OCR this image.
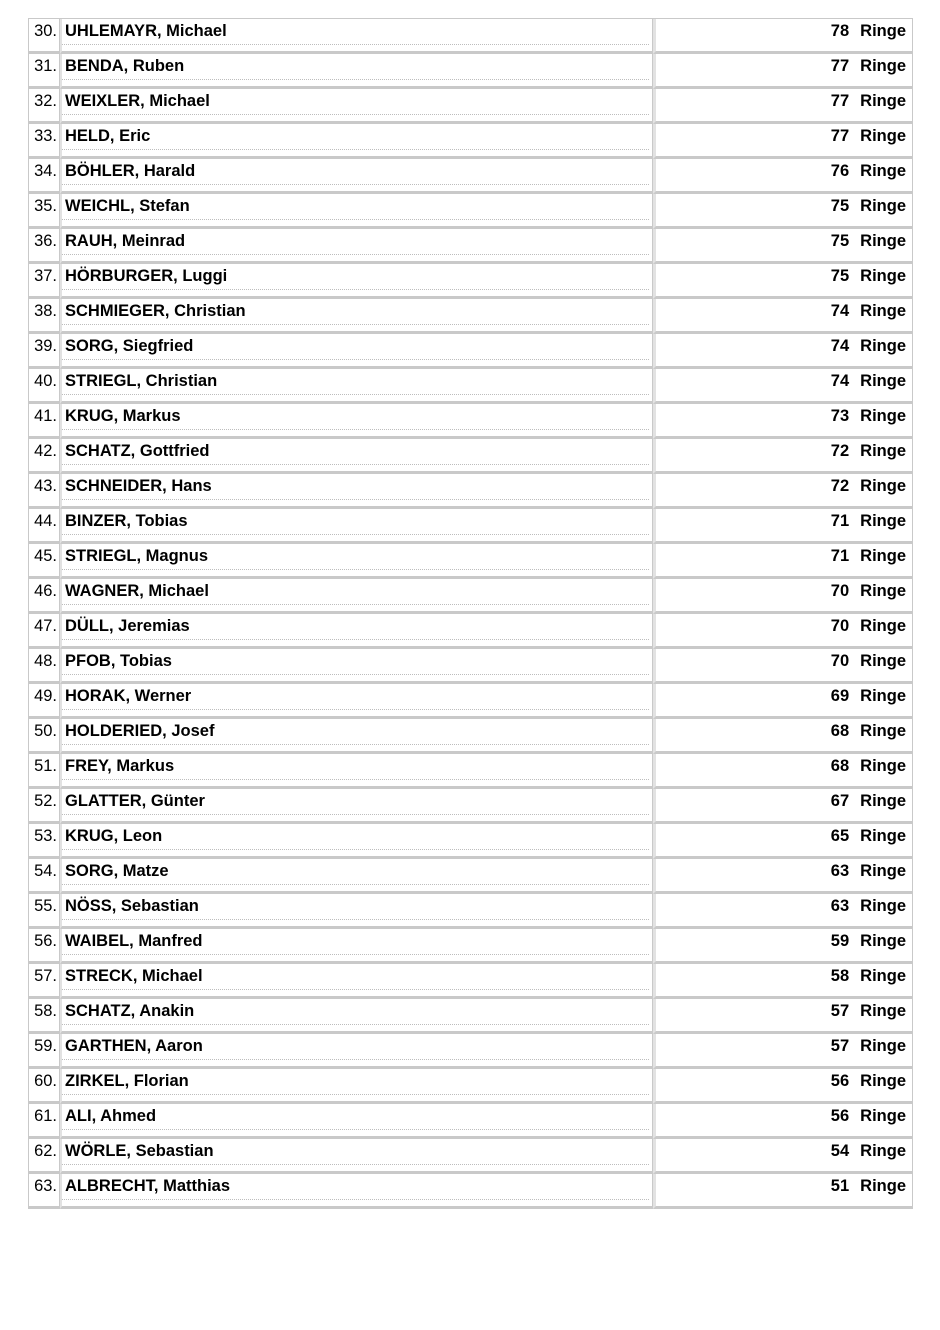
30.	UHLEMAYR, Michael	78 Ringe

31.	BENDA, Ruben	77 Ringe

32.	WEIXLER, Michael	77 Ringe

33.	HELD, Eric	77 Ringe

34.	BÖHLER, Harald	76 Ringe

35.	WEICHL, Stefan	75 Ringe

36.	RAUH, Meinrad	75 Ringe

37.	HÖRBURGER, Luggi	75 Ringe

38.	SCHMIEGER, Christian	74 Ringe

39.	SORG, Siegfried	74 Ringe

40.	STRIEGL, Christian	74 Ringe

41.	KRUG, Markus	73 Ringe

42.	SCHATZ, Gottfried	72 Ringe

43.	SCHNEIDER, Hans	72 Ringe

44.	BINZER, Tobias	71 Ringe

45.	STRIEGL, Magnus	71 Ringe

46.	WAGNER, Michael	70 Ringe

47.	DÜLL, Jeremias	70 Ringe

48.	PFOB, Tobias	70 Ringe

49.	HORAK, Werner	69 Ringe

50.	HOLDERIED, Josef	68 Ringe

51.	FREY, Markus	68 Ringe

52.	GLATTER, Günter	67 Ringe

53.	KRUG, Leon	65 Ringe

54.	SORG, Matze	63 Ringe

55.	NÖSS, Sebastian	63 Ringe

56.	WAIBEL, Manfred	59 Ringe

57.	STRECK, Michael	58 Ringe

58.	SCHATZ, Anakin	57 Ringe

59.	GARTHEN, Aaron	57 Ringe

60.	ZIRKEL, Florian	56 Ringe

61.	ALI, Ahmed	56 Ringe

62.	WÖRLE, Sebastian	54 Ringe

63.	ALBRECHT, Matthias	51 Ringe
